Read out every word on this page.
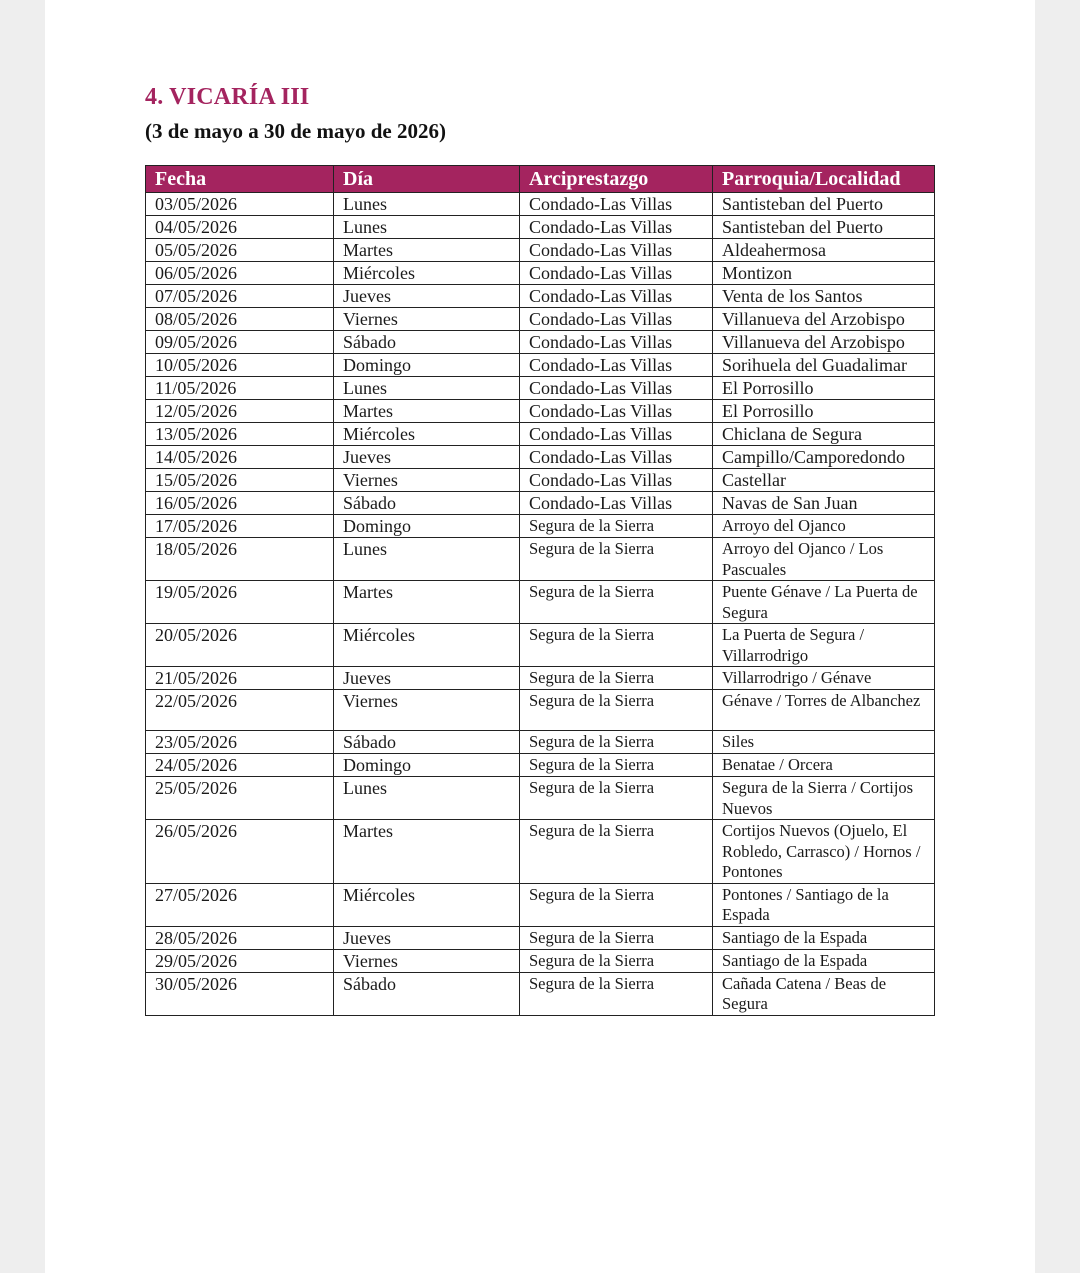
4. VICARÍA III
(3 de mayo a 30 de mayo de 2026)
Fecha	Día	Arciprestazgo	Parroquia/Localidad
03/05/2026	Lunes	Condado-Las Villas	Santisteban del Puerto
04/05/2026	Lunes	Condado-Las Villas	Santisteban del Puerto
05/05/2026	Martes	Condado-Las Villas	Aldeahermosa
06/05/2026	Miércoles	Condado-Las Villas	Montizon
07/05/2026	Jueves	Condado-Las Villas	Venta de los Santos
08/05/2026	Viernes	Condado-Las Villas	Villanueva del Arzobispo
09/05/2026	Sábado	Condado-Las Villas	Villanueva del Arzobispo
10/05/2026	Domingo	Condado-Las Villas	Sorihuela del Guadalimar
11/05/2026	Lunes	Condado-Las Villas	El Porrosillo
12/05/2026	Martes	Condado-Las Villas	El Porrosillo
13/05/2026	Miércoles	Condado-Las Villas	Chiclana de Segura
14/05/2026	Jueves	Condado-Las Villas	Campillo/Camporedondo
15/05/2026	Viernes	Condado-Las Villas	Castellar
16/05/2026	Sábado	Condado-Las Villas	Navas de San Juan
17/05/2026	Domingo	Segura de la Sierra	Arroyo del Ojanco
18/05/2026	Lunes	Segura de la Sierra	Arroyo del Ojanco / Los Pascuales
19/05/2026	Martes	Segura de la Sierra	Puente Génave / La Puerta de Segura
20/05/2026	Miércoles	Segura de la Sierra	La Puerta de Segura / Villarrodrigo
21/05/2026	Jueves	Segura de la Sierra	Villarrodrigo / Génave
22/05/2026	Viernes	Segura de la Sierra	Génave / Torres de Albanchez
23/05/2026	Sábado	Segura de la Sierra	Siles
24/05/2026	Domingo	Segura de la Sierra	Benatae / Orcera
25/05/2026	Lunes	Segura de la Sierra	Segura de la Sierra / Cortijos Nuevos
26/05/2026	Martes	Segura de la Sierra	Cortijos Nuevos (Ojuelo, El Robledo, Carrasco) / Hornos / Pontones
27/05/2026	Miércoles	Segura de la Sierra	Pontones / Santiago de la Espada
28/05/2026	Jueves	Segura de la Sierra	Santiago de la Espada
29/05/2026	Viernes	Segura de la Sierra	Santiago de la Espada
30/05/2026	Sábado	Segura de la Sierra	Cañada Catena / Beas de Segura
